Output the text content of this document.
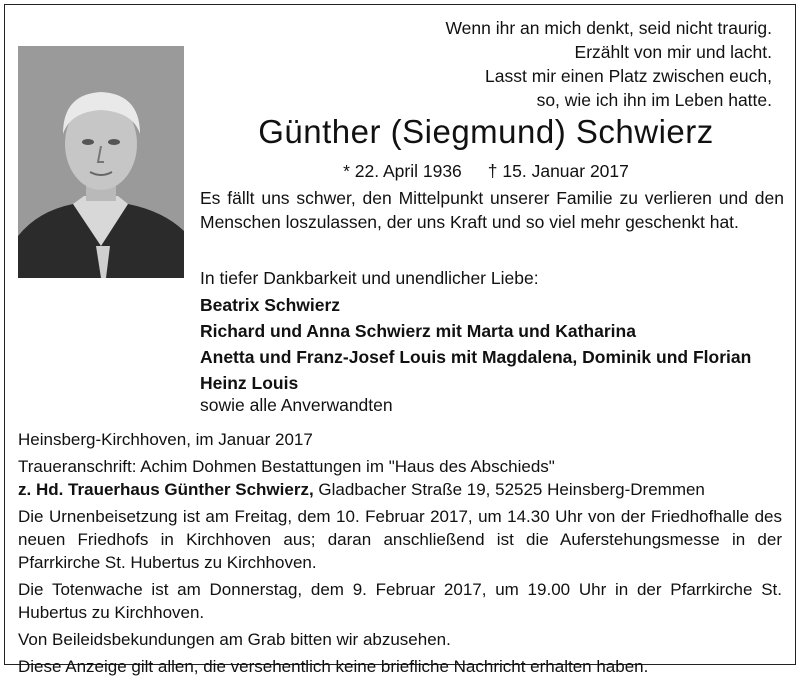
Wenn ihr an mich denkt, seid nicht traurig.
Erzählt von mir und lacht.
Lasst mir einen Platz zwischen euch,
so, wie ich ihn im Leben hatte.
Günther (Siegmund) Schwierz
* 22. April 1936 † 15. Januar 2017
Es fällt uns schwer, den Mittelpunkt unserer Familie zu verlieren und den Menschen loszulassen, der uns Kraft und so viel mehr geschenkt hat.
In tiefer Dankbarkeit und unendlicher Liebe:
Beatrix Schwierz
Richard und Anna Schwierz mit Marta und Katharina
Anetta und Franz-Josef Louis mit Magdalena, Dominik und Florian
Heinz Louis
sowie alle Anverwandten

Heinsberg-Kirchhoven, im Januar 2017

Traueranschrift: Achim Dohmen Bestattungen im "Haus des Abschieds"
z. Hd. Trauerhaus Günther Schwierz, Gladbacher Straße 19, 52525 Heinsberg-Dremmen

Die Urnenbeisetzung ist am Freitag, dem 10. Februar 2017, um 14.30 Uhr von der Friedhofhalle des neuen Friedhofs in Kirchhoven aus; daran anschließend ist die Auferstehungsmesse in der Pfarrkirche St. Hubertus zu Kirchhoven.

Die Totenwache ist am Donnerstag, dem 9. Februar 2017, um 19.00 Uhr in der Pfarrkirche St. Hubertus zu Kirchhoven.

Von Beileidsbekundungen am Grab bitten wir abzusehen.

Diese Anzeige gilt allen, die versehentlich keine briefliche Nachricht erhalten haben.
